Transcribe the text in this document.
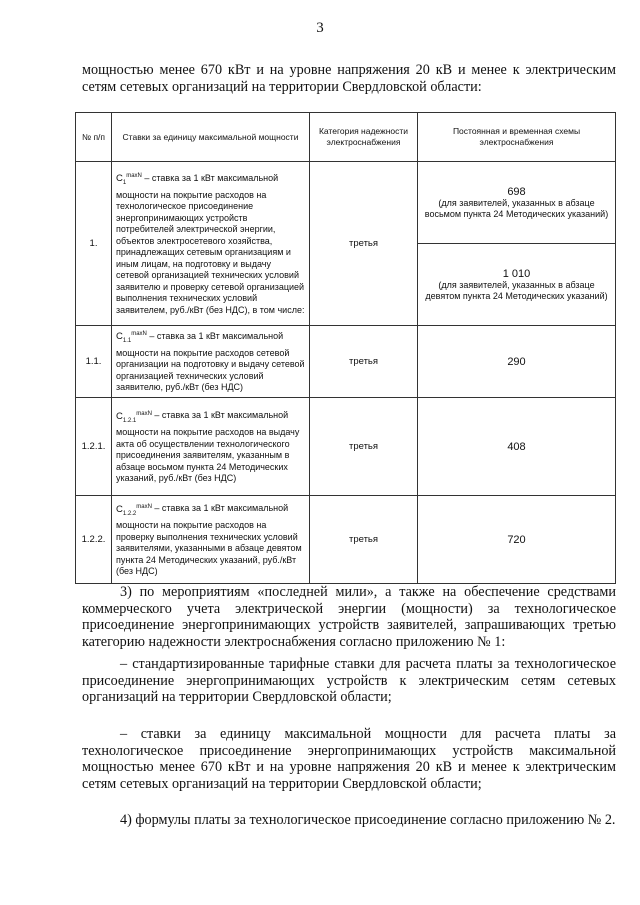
3
мощностью менее 670 кВт и на уровне напряжения 20 кВ и менее к электрическим сетям сетевых организаций на территории Свердловской области:
№ п/п	Ставки за единицу максимальной мощности	Категория надежности электроснабжения	Постоянная и временная схемы электроснабжения
1.	$C_1^{maxN}$ – ставка за 1 кВт максимальной мощности на покрытие расходов на технологическое присоединение энергопринимающих устройств потребителей электрической энергии, объектов электросетевого хозяйства, принадлежащих сетевым организациям и иным лицам, на подготовку и выдачу сетевой организацией технических условий заявителю и проверку сетевой организацией выполнения технических условий заявителем, руб./кВт (без НДС), в том числе:	третья	698
(для заявителей, указанных в абзаце восьмом пункта 24 Методических указаний)

			1 010
(для заявителей, указанных в абзаце девятом пункта 24 Методических указаний)

1.1.	$C_{1.1}^{maxN}$ – ставка за 1 кВт максимальной мощности на покрытие расходов сетевой организации на подготовку и выдачу сетевой организацией технических условий заявителю, руб./кВт (без НДС)	третья	290
1.2.1.	$C_{1.2.1}^{maxN}$ – ставка за 1 кВт максимальной мощности на покрытие расходов на выдачу акта об осуществлении технологического присоединения заявителям, указанным в абзаце восьмом пункта 24 Методических указаний, руб./кВт (без НДС)	третья	408
1.2.2.	$C_{1.2.2}^{maxN}$ – ставка за 1 кВт максимальной мощности на покрытие расходов на проверку выполнения технических условий заявителями, указанными в абзаце девятом пункта 24 Методических указаний, руб./кВт (без НДС)	третья	720
3) по мероприятиям «последней мили», а также на обеспечение средствами коммерческого учета электрической энергии (мощности) за технологическое присоединение энергопринимающих устройств заявителей, запрашивающих третью категорию надежности электроснабжения согласно приложению № 1:
– стандартизированные тарифные ставки для расчета платы за технологическое присоединение энергопринимающих устройств к электрическим сетям сетевых организаций на территории Свердловской области;
– ставки за единицу максимальной мощности для расчета платы за технологическое присоединение энергопринимающих устройств максимальной мощностью менее 670 кВт и на уровне напряжения 20 кВ и менее к электрическим сетям сетевых организаций на территории Свердловской области;
4) формулы платы за технологическое присоединение согласно приложению № 2.
